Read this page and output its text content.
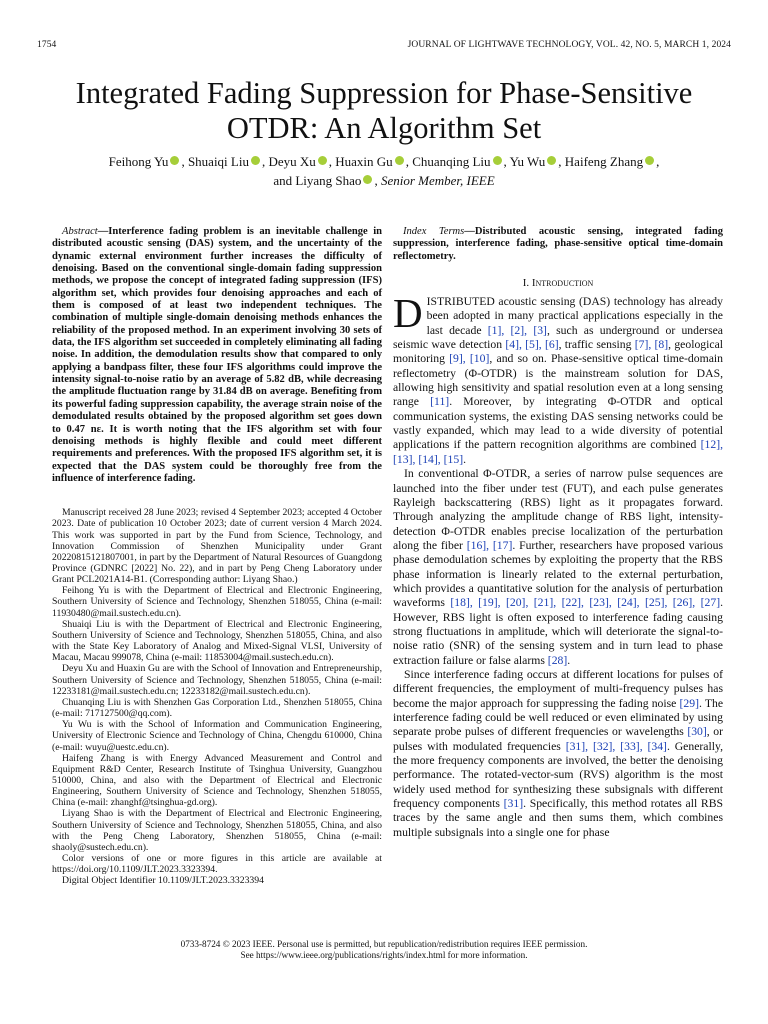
1754	JOURNAL OF LIGHTWAVE TECHNOLOGY, VOL. 42, NO. 5, MARCH 1, 2024
Integrated Fading Suppression for Phase-Sensitive
OTDR: An Algorithm Set
Feihong Yu , Shuaiqi Liu , Deyu Xu , Huaxin Gu , Chuanqing Liu , Yu Wu , Haifeng Zhang ,
and Liyang Shao , Senior Member, IEEE

Abstract—Interference fading problem is an inevitable challenge in distributed acoustic sensing (DAS) system, and the uncertainty of the dynamic external environment further increases the difficulty of denoising. Based on the conventional single-domain fading suppression methods, we propose the concept of integrated fading suppression (IFS) algorithm set, which provides four denoising approaches and each of them is composed of at least two independent techniques. The combination of multiple single-domain denoising methods enhances the reliability of the proposed method. In an experiment involving 30 sets of data, the IFS algorithm set succeeded in completely eliminating all fading noise. In addition, the demodulation results show that compared to only applying a bandpass filter, these four IFS algorithms could improve the intensity signal-to-noise ratio by an average of 5.82 dB, while decreasing the amplitude fluctuation range by 31.84 dB on average. Benefiting from its powerful fading suppression capability, the average strain noise of the demodulated results obtained by the proposed algorithm set goes down to 0.47 nε. It is worth noting that the IFS algorithm set with four denoising methods is highly flexible and could meet different requirements and preferences. With the proposed IFS algorithm set, it is expected that the DAS system could be thoroughly free from the influence of interference fading.

Manuscript received 28 June 2023; revised 4 September 2023; accepted 4 October 2023. Date of publication 10 October 2023; date of current version 4 March 2024. This work was supported in part by the Fund from Science, Technology, and Innovation Commission of Shenzhen Municipality under Grant 20220815121807001, in part by the Department of Natural Resources of Guangdong Province (GDNRC [2022] No. 22), and in part by Peng Cheng Laboratory under Grant PCL2021A14-B1. (Corresponding author: Liyang Shao.)

Feihong Yu is with the Department of Electrical and Electronic Engineering, Southern University of Science and Technology, Shenzhen 518055, China (e-mail: 11930480@mail.sustech.edu.cn).

Shuaiqi Liu is with the Department of Electrical and Electronic Engineering, Southern University of Science and Technology, Shenzhen 518055, China, and also with the State Key Laboratory of Analog and Mixed-Signal VLSI, University of Macau, Macau 999078, China (e-mail: 11853004@mail.sustech.edu.cn).

Deyu Xu and Huaxin Gu are with the School of Innovation and Entrepreneurship, Southern University of Science and Technology, Shenzhen 518055, China (e-mail: 12233181@mail.sustech.edu.cn; 12233182@mail.sustech.edu.cn).

Chuanqing Liu is with Shenzhen Gas Corporation Ltd., Shenzhen 518055, China (e-mail: 717127500@qq.com).

Yu Wu is with the School of Information and Communication Engineering, University of Electronic Science and Technology of China, Chengdu 610000, China (e-mail: wuyu@uestc.edu.cn).

Haifeng Zhang is with Energy Advanced Measurement and Control and Equipment R&D Center, Research Institute of Tsinghua University, Guangzhou 510000, China, and also with the Department of Electrical and Electronic Engineering, Southern University of Science and Technology, Shenzhen 518055, China (e-mail: zhanghf@tsinghua-gd.org).

Liyang Shao is with the Department of Electrical and Electronic Engineering, Southern University of Science and Technology, Shenzhen 518055, China, and also with the Peng Cheng Laboratory, Shenzhen 518055, China (e-mail: shaoly@sustech.edu.cn).

Color versions of one or more figures in this article are available at https://doi.org/10.1109/JLT.2023.3323394.

Digital Object Identifier 10.1109/JLT.2023.3323394

Index Terms—Distributed acoustic sensing, integrated fading suppression, interference fading, phase-sensitive optical time-domain reflectometry.

I. Introduction

DISTRIBUTED acoustic sensing (DAS) technology has already been adopted in many practical applications especially in the last decade [1], [2], [3], such as underground or undersea seismic wave detection [4], [5], [6], traffic sensing [7], [8], geological monitoring [9], [10], and so on. Phase-sensitive optical time-domain reflectometry (Φ-OTDR) is the mainstream solution for DAS, allowing high sensitivity and spatial resolution even at a long sensing range [11]. Moreover, by integrating Φ-OTDR and optical communication systems, the existing DAS sensing networks could be vastly expanded, which may lead to a wide diversity of potential applications if the pattern recognition algorithms are combined [12], [13], [14], [15].

In conventional Φ-OTDR, a series of narrow pulse sequences are launched into the fiber under test (FUT), and each pulse generates Rayleigh backscattering (RBS) light as it propagates forward. Through analyzing the amplitude change of RBS light, intensity-detection Φ-OTDR enables precise localization of the perturbation along the fiber [16], [17]. Further, researchers have proposed various phase demodulation schemes by exploiting the property that the RBS phase information is linearly related to the external perturbation, which provides a quantitative solution for the analysis of perturbation waveforms [18], [19], [20], [21], [22], [23], [24], [25], [26], [27]. However, RBS light is often exposed to interference fading causing strong fluctuations in amplitude, which will deteriorate the signal-to-noise ratio (SNR) of the sensing system and in turn lead to phase extraction failure or false alarms [28].

Since interference fading occurs at different locations for pulses of different frequencies, the employment of multi-frequency pulses has become the major approach for suppressing the fading noise [29]. The interference fading could be well reduced or even eliminated by using separate probe pulses of different frequencies or wavelengths [30], or pulses with modulated frequencies [31], [32], [33], [34]. Generally, the more frequency components are involved, the better the denoising performance. The rotated-vector-sum (RVS) algorithm is the most widely used method for synthesizing these subsignals with different frequency components [31]. Specifically, this method rotates all RBS traces by the same angle and then sums them, which combines multiple subsignals into a single one for phase

0733-8724 © 2023 IEEE. Personal use is permitted, but republication/redistribution requires IEEE permission.
See https://www.ieee.org/publications/rights/index.html for more information.
